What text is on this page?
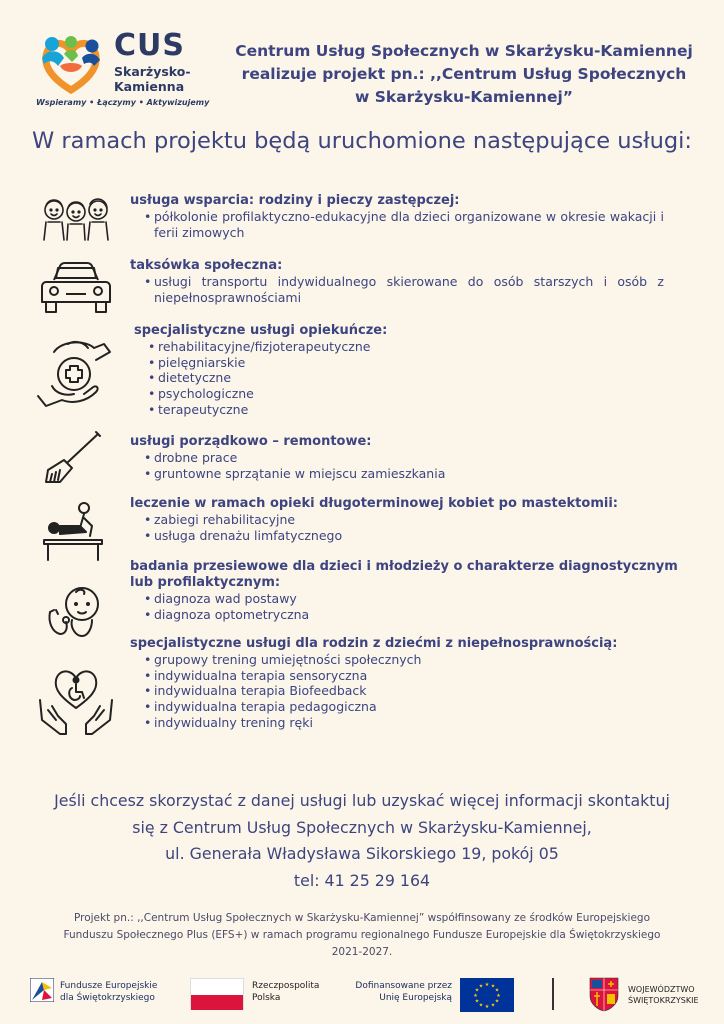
CUS
Skarżysko-
Kamienna
Wspieramy • Łączymy • Aktywizujemy
Centrum Usług Społecznych w Skarżysku-Kamiennej
realizuje projekt pn.: ,,Centrum Usług Społecznych
w Skarżysku-Kamiennej”
W ramach projektu będą uruchomione następujące usługi:
usługa wsparcia: rodziny i pieczy zastępczej:
• półkolonie profilaktyczno-edukacyjne dla dzieci organizowane w okresie wakacji i ferii zimowych
taksówka społeczna:
• usługi transportu indywidualnego skierowane do osób starszych i osób z niepełnosprawnościami
specjalistyczne usługi opiekuńcze:
• rehabilitacyjne/fizjoterapeutyczne
• pielęgniarskie
• dietetyczne
• psychologiczne
• terapeutyczne
usługi porządkowo – remontowe:
• drobne prace
• gruntowne sprzątanie w miejscu zamieszkania
leczenie w ramach opieki długoterminowej kobiet po mastektomii:
• zabiegi rehabilitacyjne
• usługa drenażu limfatycznego
badania przesiewowe dla dzieci i młodzieży o charakterze diagnostycznym
lub profilaktycznym:
• diagnoza wad postawy
• diagnoza optometryczna
specjalistyczne usługi dla rodzin z dziećmi z niepełnosprawnością:
• grupowy trening umiejętności społecznych
• indywidualna terapia sensoryczna
• indywidualna terapia Biofeedback
• indywidualna terapia pedagogiczna
• indywidualny trening ręki
Jeśli chcesz skorzystać z danej usługi lub uzyskać więcej informacji skontaktuj
się z Centrum Usług Społecznych w Skarżysku-Kamiennej,
ul. Generała Władysława Sikorskiego 19, pokój 05
tel: 41 25 29 164
Projekt pn.: ,,Centrum Usług Społecznych w Skarżysku-Kamiennej” współfinsowany ze środków Europejskiego
Funduszu Społecznego Plus (EFS+) w ramach programu regionalnego Fundusze Europejskie dla Świętokrzyskiego
2021-2027.
Fundusze Europejskie
dla Świętokrzyskiego
Rzeczpospolita
Polska
Dofinansowane przez
Unię Europejską
★ ★
★
★
★
★
★
★
★
★
★
★	WOJEWÓDZTWO
ŚWIĘTOKRZYSKIE
